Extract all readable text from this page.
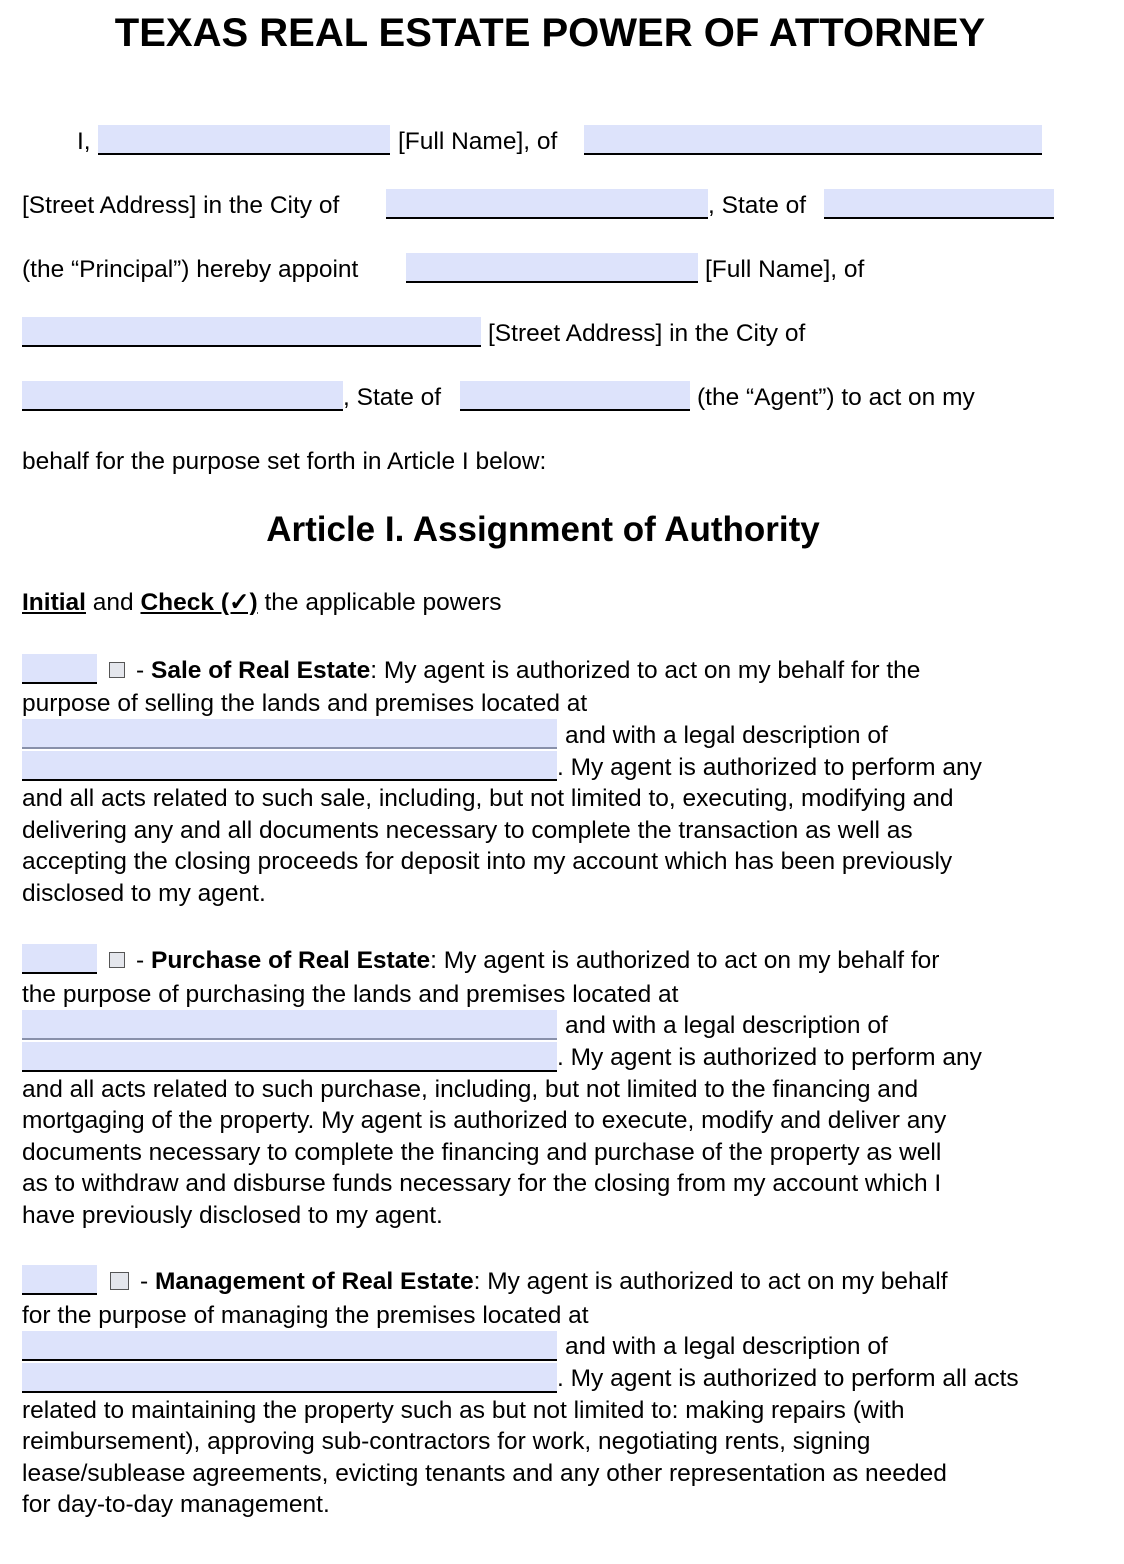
TEXAS REAL ESTATE POWER OF ATTORNEY
I,	[Full Name], of
[Street Address] in the City of	, State of
(the “Principal”) hereby appoint	[Full Name], of
[Street Address] in the City of
, State of	(the “Agent”) to act on my
behalf for the purpose set forth in Article I below:
Article I. Assignment of Authority
Initial and Check (✓) the applicable powers
- Sale of Real Estate: My agent is authorized to act on my behalf for the
purpose of selling the lands and premises located at
and with a legal description of
. My agent is authorized to perform any
and all acts related to such sale, including, but not limited to, executing, modifying and
delivering any and all documents necessary to complete the transaction as well as
accepting the closing proceeds for deposit into my account which has been previously
disclosed to my agent.
- Purchase of Real Estate: My agent is authorized to act on my behalf for
the purpose of purchasing the lands and premises located at
and with a legal description of
. My agent is authorized to perform any
and all acts related to such purchase, including, but not limited to the financing and
mortgaging of the property. My agent is authorized to execute, modify and deliver any
documents necessary to complete the financing and purchase of the property as well
as to withdraw and disburse funds necessary for the closing from my account which I
have previously disclosed to my agent.
- Management of Real Estate: My agent is authorized to act on my behalf
for the purpose of managing the premises located at
and with a legal description of
. My agent is authorized to perform all acts
related to maintaining the property such as but not limited to: making repairs (with
reimbursement), approving sub-contractors for work, negotiating rents, signing
lease/sublease agreements, evicting tenants and any other representation as needed
for day-to-day management.
